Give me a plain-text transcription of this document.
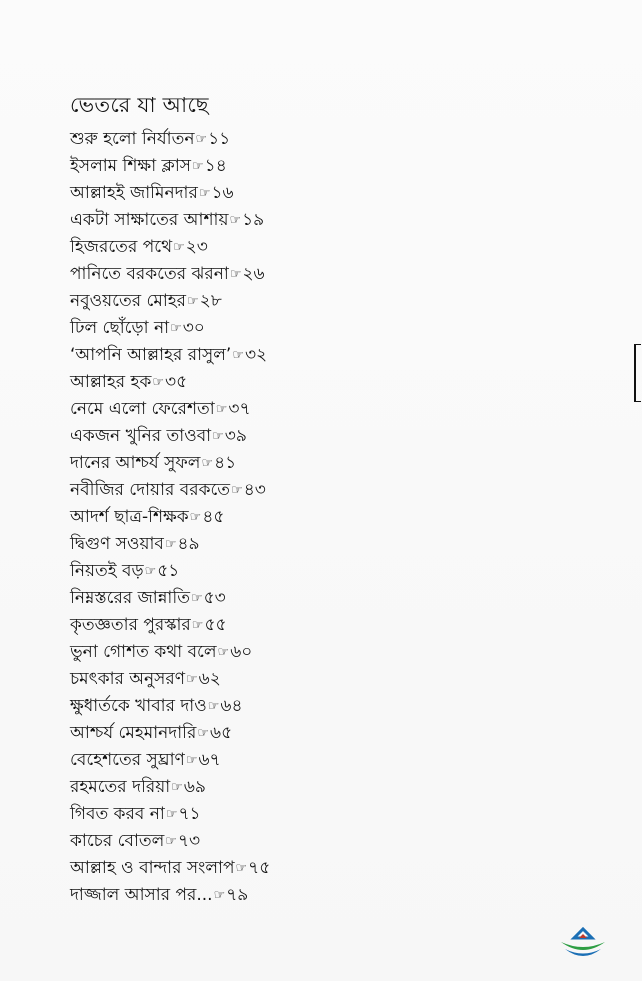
ভেতরে যা আছে
শুরু হলো নির্যাতন☞১১
ইসলাম শিক্ষা ক্লাস☞১৪
আল্লাহই জামিনদার☞১৬
একটা সাক্ষাতের আশায়☞১৯
হিজরতের পথে☞২৩
পানিতে বরকতের ঝরনা☞২৬
নবুওয়তের মোহর☞২৮
ঢিল ছোঁড়ো না☞৩০
‘আপনি আল্লাহর রাসুল’☞৩২
আল্লাহর হক☞৩৫
নেমে এলো ফেরেশতা☞৩৭
একজন খুনির তাওবা☞৩৯
দানের আশ্চর্য সুফল☞৪১
নবীজির দোয়ার বরকতে☞৪৩
আদর্শ ছাত্র-শিক্ষক☞৪৫
দ্বিগুণ সওয়াব☞৪৯
নিয়তই বড়☞৫১
নিম্নস্তরের জান্নাতি☞৫৩
কৃতজ্ঞতার পুরস্কার☞৫৫
ভুনা গোশত কথা বলে☞৬০
চমৎকার অনুসরণ☞৬২
ক্ষুধার্তকে খাবার দাও☞৬৪
আশ্চর্য মেহমানদারি☞৬৫
বেহেশতের সুঘ্রাণ☞৬৭
রহমতের দরিয়া☞৬৯
গিবত করব না☞৭১
কাচের বোতল☞৭৩
আল্লাহ ও বান্দার সংলাপ☞৭৫
দাজ্জাল আসার পর...☞৭৯
